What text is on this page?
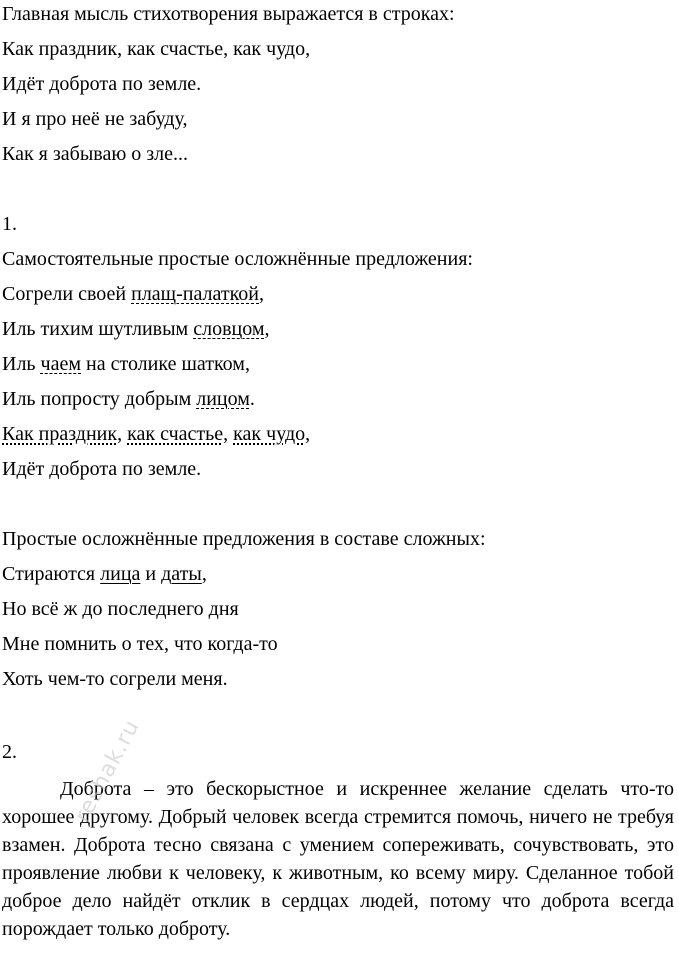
Главная мысль стихотворения выражается в строках:
Как праздник, как счастье, как чудо,
Идёт доброта по земле.
И я про неё не забуду,
Как я забываю о зле...
1.
Самостоятельные простые осложнённые предложения:
Согрели своей плащ-палаткой,
Иль тихим шутливым словцом,
Иль чаем на столике шатком,
Иль попросту добрым лицом.
Как праздник, как счастье, как чудо,
Идёт доброта по земле.
Простые осложнённые предложения в составе сложных:
Стираются лица и даты,
Но всё ж до последнего дня
Мне помнить о тех, что когда-то
Хоть чем-то согрели меня.
2.
Доброта – это бескорыстное и искреннее желание сделать что-то хорошее другому. Добрый человек всегда стремится помочь, ничего не требуя взамен. Доброта тесно связана с умением сопереживать, сочувствовать, это проявление любви к человеку, к животным, ко всему миру. Сделанное тобой доброе дело найдёт отклик в сердцах людей, потому что доброта всегда порождает только доброту.
reshak.ru
